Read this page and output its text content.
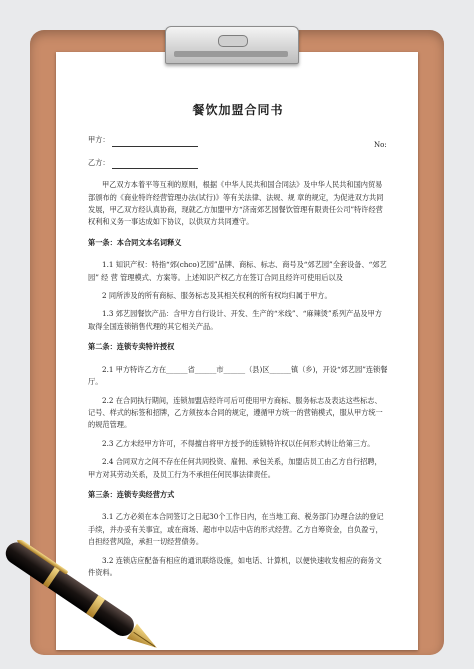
餐饮加盟合同书
No:
甲方：
乙方：

甲乙双方本着平等互利的原则，根据《中华人民共和国合同法》及中华人民共和国内贸易部颁布的《商业特许经营管理办法(试行)》等有关法律、法规、规 章的规定，为促进双方共同发展，甲乙双方经认真协商，现就乙方加盟甲方“济南郊艺园餐饮管理有限责任公司”特许经营权利和义务一事达成如下协议，以供双方共同遵守。

第一条：本合同文本名词释义

1.1 知识产权：特指“郊(chco)艺园”品牌、商标、标志、商号及“郊艺园”全套设备、“郊艺园” 经 营 管理模式、方案等。上述知识产权乙方在签订合同且经许可使用后以及

2 同所涉及的所有商标、服务标志及其相关权利的所有权均归属于甲方。

1.3 郊艺园餐饮产品：含甲方自行设计、开发、生产的“米线”、“麻辣烫”系列产品及甲方取得全国连锁销售代理的其它相关产品。

第二条：连锁专卖特许授权

2.1 甲方特许乙方在______省______市______（县)区______镇（乡)，开设“郊艺园”连锁餐厅。

2.2 在合同执行期间，连锁加盟店经许可后可使用甲方商标、服务标志及表达这些标志、记号、样式的标签和招牌，乙方须按本合同的规定，遵循甲方统一的营销模式，服从甲方统一的规范管理。

2.3 乙方未经甲方许可，不得擅自将甲方授予的连锁特许权以任何形式转让给第三方。

2.4 合同双方之间不存在任何共同投资、雇佣、承包关系，加盟店员工由乙方自行招聘，甲方对其劳动关系，及员工行为不承担任何民事法律责任。

第三条：连锁专卖经营方式

3.1 乙方必须在本合同签订之日起30个工作日内，在当地工商、税务部门办理合法的登记手续，并办妥有关事宜，或在商场、超市中以店中店的形式经营。乙方自筹资金，自负盈亏，自担经营风险，承担一切经营债务。

3.2 连锁店应配备有相应的通讯联络设施，如电话、计算机，以便快速收发相应的商务文件资料。
